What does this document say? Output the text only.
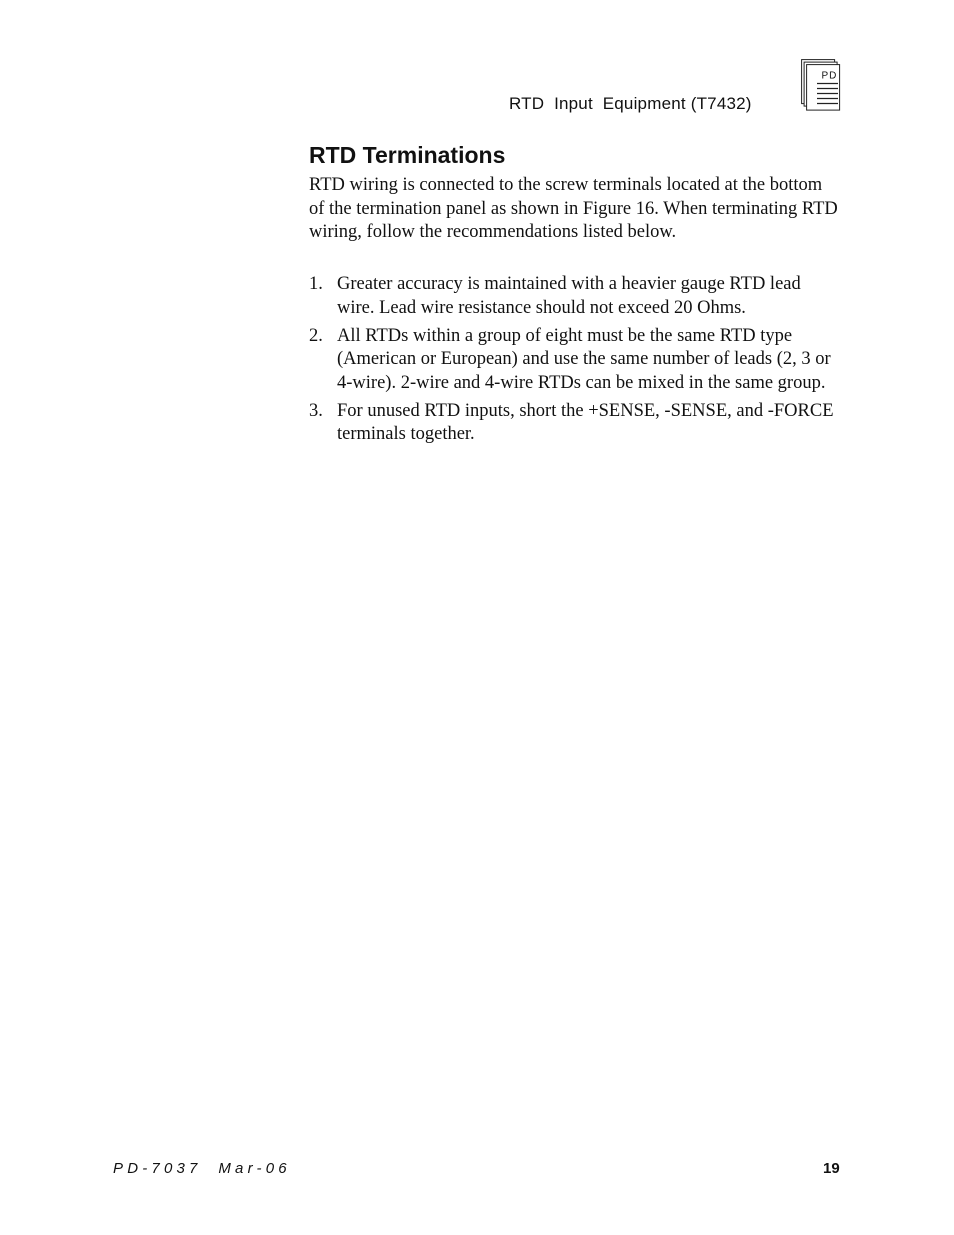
RTD  Input  Equipment (T7432)
PD
RTD Terminations

RTD wiring is connected to the screw terminals located at the bottom of the termination panel as shown in Figure 16. When terminating RTD wiring, follow the recommendations listed below.

1. Greater accuracy is maintained with a heavier gauge RTD lead wire. Lead wire resistance should not exceed 20 Ohms.
2. All RTDs within a group of eight must be the same RTD type (American or European) and use the same number of leads (2, 3 or 4-wire). 2-wire and 4-wire RTDs can be mixed in the same group.
3. For unused RTD inputs, short the +SENSE, -SENSE, and -FORCE terminals together.
PD-7037  Mar-06	19
